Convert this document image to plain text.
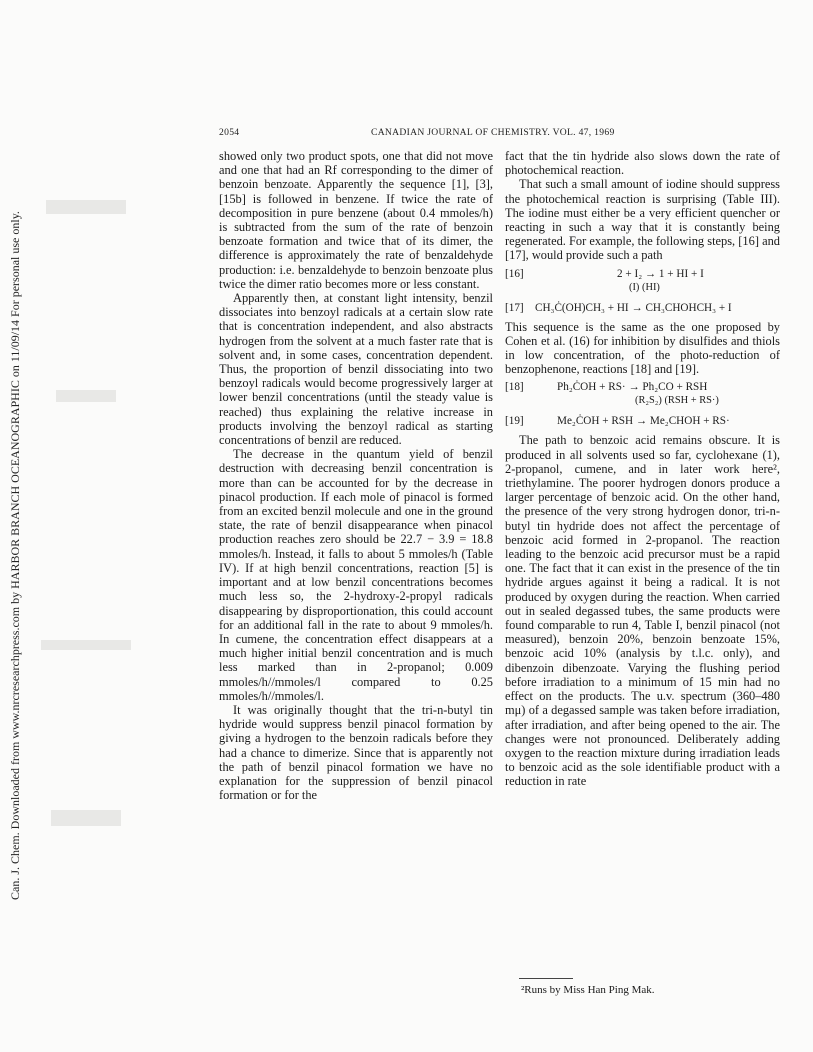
Can. J. Chem. Downloaded from www.nrcresearchpress.com by HARBOR BRANCH OCEANOGRAPHIC on 11/09/14 For personal use only.
2054	CANADIAN JOURNAL OF CHEMISTRY. VOL. 47, 1969

showed only two product spots, one that did not move and one that had an Rf corresponding to the dimer of benzoin benzoate. Apparently the sequence [1], [3], [15b] is followed in benzene. If twice the rate of decomposition in pure benzene (about 0.4 mmoles/h) is subtracted from the sum of the rate of benzoin benzoate formation and twice that of its dimer, the difference is approximately the rate of benzaldehyde production: i.e. benzaldehyde to benzoin benzoate plus twice the dimer ratio becomes more or less constant.

Apparently then, at constant light intensity, benzil dissociates into benzoyl radicals at a certain slow rate that is concentration independent, and also abstracts hydrogen from the solvent at a much faster rate that is solvent and, in some cases, concentration dependent. Thus, the proportion of benzil dissociating into two benzoyl radicals would become progressively larger at lower benzil concentrations (until the steady value is reached) thus explaining the relative increase in products involving the benzoyl radical as starting concentrations of benzil are reduced.

The decrease in the quantum yield of benzil destruction with decreasing benzil concentration is more than can be accounted for by the decrease in pinacol production. If each mole of pinacol is formed from an excited benzil molecule and one in the ground state, the rate of benzil disappearance when pinacol production reaches zero should be 22.7 − 3.9 = 18.8 mmoles/h. Instead, it falls to about 5 mmoles/h (Table IV). If at high benzil concentrations, reaction [5] is important and at low benzil concentrations becomes much less so, the 2-hydroxy-2-propyl radicals disappearing by disproportionation, this could account for an additional fall in the rate to about 9 mmoles/h. In cumene, the concentration effect disappears at a much higher initial benzil concentration and is much less marked than in 2-propanol; 0.009 mmoles/h//mmoles/l compared to 0.25 mmoles/h//mmoles/l.

It was originally thought that the tri-n-butyl tin hydride would suppress benzil pinacol formation by giving a hydrogen to the benzoin radicals before they had a chance to dimerize. Since that is apparently not the path of benzil pinacol formation we have no explanation for the suppression of benzil pinacol formation or for the

fact that the tin hydride also slows down the rate of photochemical reaction.

That such a small amount of iodine should suppress the photochemical reaction is surprising (Table III). The iodine must either be a very efficient quencher or reacting in such a way that it is constantly being regenerated. For example, the following steps, [16] and [17], would provide such a path

[16]	2 + I₂ → 1 + HI + I
(I) (HI)
[17] CH₃Ċ(OH)CH₃ + HI → CH₃CHOHCH₃ + I

This sequence is the same as the one proposed by Cohen et al. (16) for inhibition by disulfides and thiols in low concentration, of the photo-reduction of benzophenone, reactions [18] and [19].

[18]	Ph₂ĊOH + RS· → Ph₂CO + RSH
(R₂S₂) (RSH + RS·)
[19]	Me₂ĊOH + RSH → Me₂CHOH + RS·

The path to benzoic acid remains obscure. It is produced in all solvents used so far, cyclohexane (1), 2-propanol, cumene, and in later work here², triethylamine. The poorer hydrogen donors produce a larger percentage of benzoic acid. On the other hand, the presence of the very strong hydrogen donor, tri-n-butyl tin hydride does not affect the percentage of benzoic acid formed in 2-propanol. The reaction leading to the benzoic acid precursor must be a rapid one. The fact that it can exist in the presence of the tin hydride argues against it being a radical. It is not produced by oxygen during the reaction. When carried out in sealed degassed tubes, the same products were found comparable to run 4, Table I, benzil pinacol (not measured), benzoin 20%, benzoin benzoate 15%, benzoic acid 10% (analysis by t.l.c. only), and dibenzoin dibenzoate. Varying the flushing period before irradiation to a minimum of 15 min had no effect on the products. The u.v. spectrum (360–480 mμ) of a degassed sample was taken before irradiation, after irradiation, and after being opened to the air. The changes were not pronounced. Deliberately adding oxygen to the reaction mixture during irradiation leads to benzoic acid as the sole identifiable product with a reduction in rate

²Runs by Miss Han Ping Mak.
